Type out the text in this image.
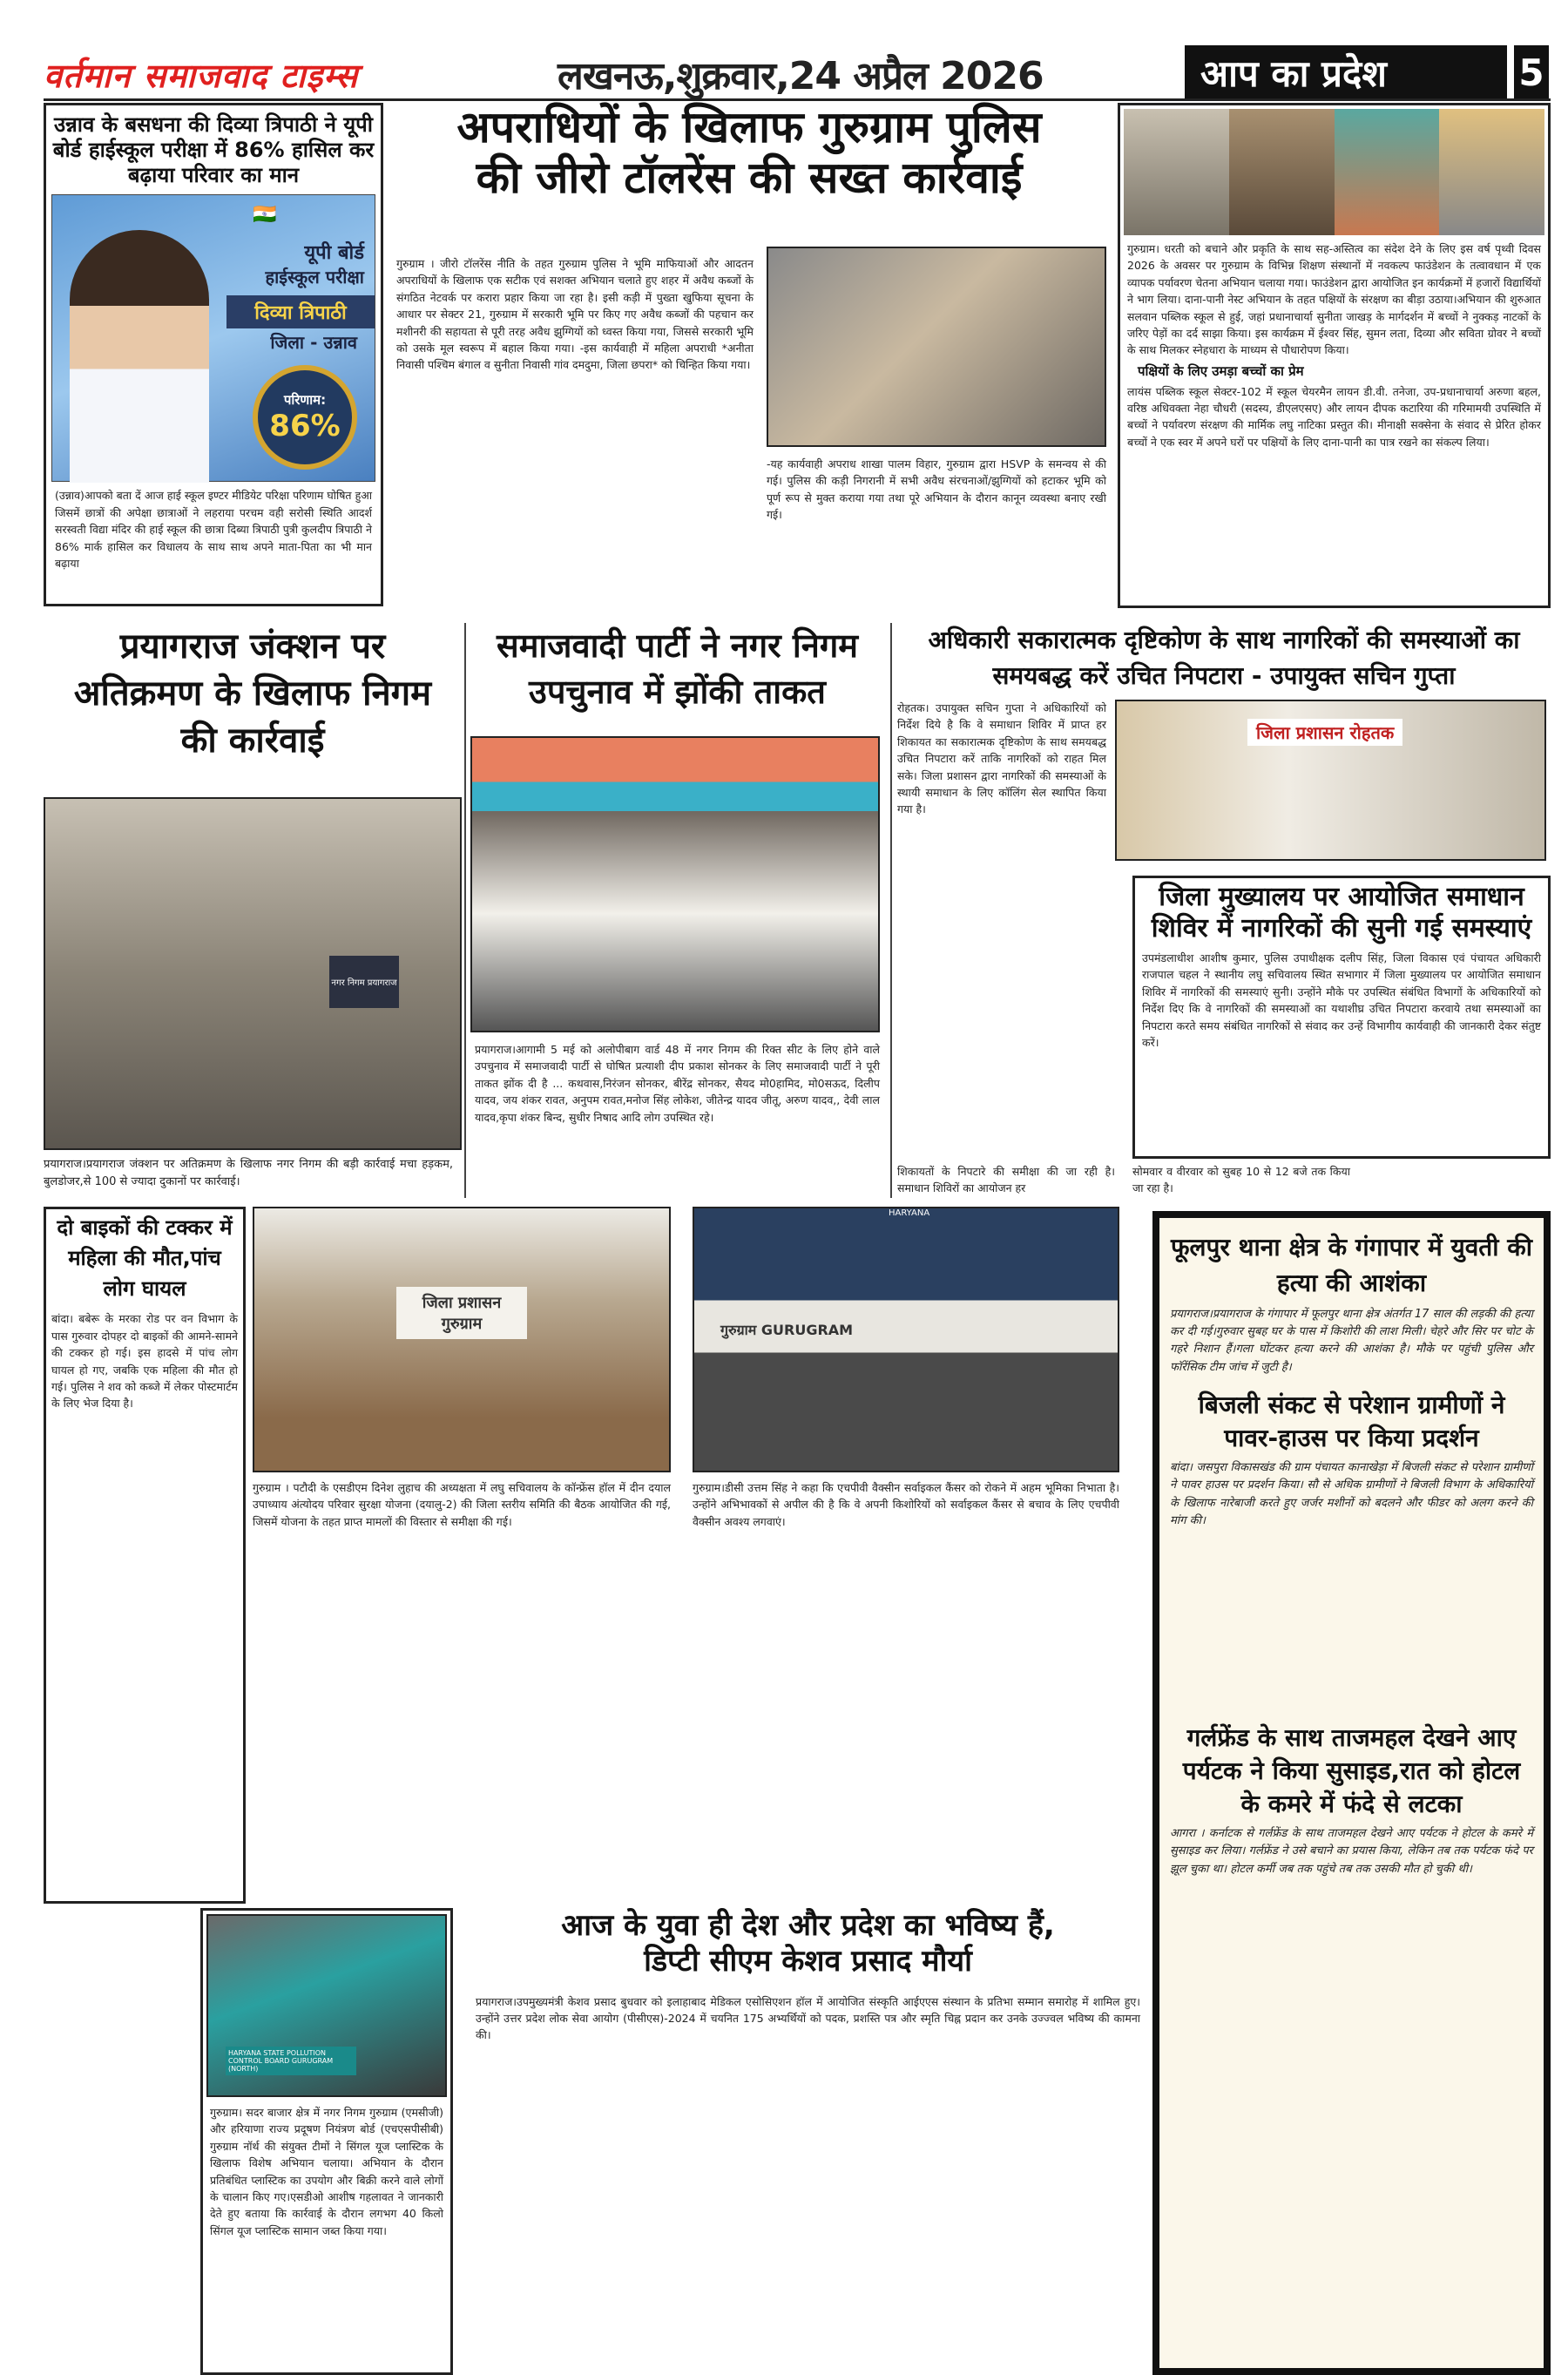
वर्तमान समाजवाद टाइम्स	लखनऊ,शुक्रवार,24 अप्रैल 2026	आप का प्रदेश	5
उन्नाव के बसधना की दिव्या त्रिपाठी ने यूपी बोर्ड हाईस्कूल परीक्षा में 86% हासिल कर बढ़ाया परिवार का मान
🇮🇳
यूपी बोर्ड
हाईस्कूल परीक्षा
दिव्या त्रिपाठी
जिला - उन्नाव
परिणाम:
86%
(उन्नाव)आपको बता दें आज हाई स्कूल इण्टर मीडियेट परिक्षा परिणाम घोषित हुआ जिसमें छात्रों की अपेक्षा छात्राओं ने लहराया परचम वही सरोसी स्थिति आदर्श सरस्वती विद्या मंदिर की हाई स्कूल की छात्रा दिब्या त्रिपाठी पुत्री कुलदीप त्रिपाठी ने 86% मार्क हासिल कर विधालय के साथ साथ अपने माता-पिता का भी मान बढ़ाया
अपराधियों के खिलाफ गुरुग्राम पुलिस
की जीरो टॉलरेंस की सख्त कार्रवाई
गुरुग्राम । जीरो टॉलरेंस नीति के तहत गुरुग्राम पुलिस ने भूमि माफियाओं और आदतन अपराधियों के खिलाफ एक सटीक एवं सशक्त अभियान चलाते हुए शहर में अवैध कब्जों के संगठित नेटवर्क पर करारा प्रहार किया जा रहा है। इसी कड़ी में पुख्ता खुफिया सूचना के आधार पर सेक्टर 21, गुरुग्राम में सरकारी भूमि पर किए गए अवैध कब्जों की पहचान कर मशीनरी की सहायता से पूरी तरह अवैध झुग्गियों को ध्वस्त किया गया, जिससे सरकारी भूमि को उसके मूल स्वरूप में बहाल किया गया। -इस कार्यवाही में महिला अपराधी *अनीता निवासी पश्चिम बंगाल व सुनीता निवासी गांव दमदुमा, जिला छपरा* को चिन्हित किया गया।
-यह कार्यवाही अपराध शाखा पालम विहार, गुरुग्राम द्वारा HSVP के समन्वय से की गई। पुलिस की कड़ी निगरानी में सभी अवैध संरचनाओं/झुग्गियों को हटाकर भूमि को पूर्ण रूप से मुक्त कराया गया तथा पूरे अभियान के दौरान कानून व्यवस्था बनाए रखी गई।
गुरुग्राम। धरती को बचाने और प्रकृति के साथ सह-अस्तित्व का संदेश देने के लिए इस वर्ष पृथ्वी दिवस 2026 के अवसर पर गुरुग्राम के विभिन्न शिक्षण संस्थानों में नवकल्प फाउंडेशन के तत्वावधान में एक व्यापक पर्यावरण चेतना अभियान चलाया गया। फाउंडेशन द्वारा आयोजित इन कार्यक्रमों में हजारों विद्यार्थियों ने भाग लिया। दाना-पानी नेस्ट अभियान के तहत पक्षियों के संरक्षण का बीड़ा उठाया।अभियान की शुरुआत सलवान पब्लिक स्कूल से हुई, जहां प्रधानाचार्या सुनीता जाखड़ के मार्गदर्शन में बच्चों ने नुक्कड़ नाटकों के जरिए पेड़ों का दर्द साझा किया। इस कार्यक्रम में ईश्वर सिंह, सुमन लता, दिव्या और सविता ग्रोवर ने बच्चों के साथ मिलकर स्नेहधारा के माध्यम से पौधारोपण किया।
पक्षियों के लिए उमड़ा बच्चों का प्रेम
लायंस पब्लिक स्कूल सेक्टर-102 में स्कूल चेयरमैन लायन डी.वी. तनेजा, उप-प्रधानाचार्या अरुणा बहल, वरिष्ठ अधिवक्ता नेहा चौधरी (सदस्य, डीएलएसए) और लायन दीपक कटारिया की गरिमामयी उपस्थिति में बच्चों ने पर्यावरण संरक्षण की मार्मिक लघु नाटिका प्रस्तुत की। मीनाक्षी सक्सेना के संवाद से प्रेरित होकर बच्चों ने एक स्वर में अपने घरों पर पक्षियों के लिए दाना-पानी का पात्र रखने का संकल्प लिया।
प्रयागराज जंक्शन पर अतिक्रमण के खिलाफ निगम की कार्रवाई
नगर निगम प्रयागराज
प्रयागराज।प्रयागराज जंक्शन पर अतिक्रमण के खिलाफ नगर निगम की बड़ी कार्रवाई मचा हड़कम, बुलडोजर,से 100 से ज्यादा दुकानों पर कार्रवाई।
समाजवादी पार्टी ने नगर निगम उपचुनाव में झोंकी ताकत
प्रयागराज।आगामी 5 मई को अलोपीबाग वार्ड 48 में नगर निगम की रिक्त सीट के लिए होने वाले उपचुनाव में समाजवादी पार्टी से घोषित प्रत्याशी दीप प्रकाश सोनकर के लिए समाजवादी पार्टी ने पूरी ताकत झोंक दी है ... कथवास,निरंजन सोनकर, बीरेंद्र सोनकर, सैयद मो0हामिद, मो0सऊद, दिलीप यादव, जय शंकर रावत, अनुपम रावत,मनोज सिंह लोकेश, जीतेन्द्र यादव जीतू, अरुण यादव,, देवी लाल यादव,कृपा शंकर बिन्द, सुधीर निषाद आदि लोग उपस्थित रहे।
अधिकारी सकारात्मक दृष्टिकोण के साथ नागरिकों की समस्याओं का समयबद्ध करें उचित निपटारा - उपायुक्त सचिन गुप्ता
रोहतक। उपायुक्त सचिन गुप्ता ने अधिकारियों को निर्देश दिये है कि वे समाधान शिविर में प्राप्त हर शिकायत का सकारात्मक दृष्टिकोण के साथ समयबद्ध उचित निपटारा करें ताकि नागरिकों को राहत मिल सके। जिला प्रशासन द्वारा नागरिकों की समस्याओं के स्थायी समाधान के लिए कॉलिंग सेल स्थापित किया गया है।
जिला प्रशासन रोहतक
जिला मुख्यालय पर आयोजित समाधान शिविर में नागरिकों की सुनी गई समस्याएं
उपमंडलाधीश आशीष कुमार, पुलिस उपाधीक्षक दलीप सिंह, जिला विकास एवं पंचायत अधिकारी राजपाल चहल ने स्थानीय लघु सचिवालय स्थित सभागार में जिला मुख्यालय पर आयोजित समाधान शिविर में नागरिकों की समस्याएं सुनी। उन्होंने मौके पर उपस्थित संबंधित विभागों के अधिकारियों को निर्देश दिए कि वे नागरिकों की समस्याओं का यथाशीघ्र उचित निपटारा करवाये तथा समस्याओं का निपटारा करते समय संबंधित नागरिकों से संवाद कर उन्हें विभागीय कार्यवाही की जानकारी देकर संतुष्ट करें।
शिकायतों के निपटारे की समीक्षा की जा रही है। समाधान शिविरों का आयोजन हर
सोमवार व वीरवार को सुबह 10 से 12 बजे तक किया जा रहा है।
दो बाइकों की टक्कर में महिला की मौत,पांच लोग घायल
बांदा। बबेरू के मरका रोड पर वन विभाग के पास गुरुवार दोपहर दो बाइकों की आमने-सामने की टक्कर हो गई। इस हादसे में पांच लोग घायल हो गए, जबकि एक महिला की मौत हो गई। पुलिस ने शव को कब्जे में लेकर पोस्टमार्टम के लिए भेज दिया है।
जिला प्रशासन गुरुग्राम
गुरुग्राम । पटौदी के एसडीएम दिनेश लुहाच की अध्यक्षता में लघु सचिवालय के कॉन्फ्रेंस हॉल में दीन दयाल उपाध्याय अंत्योदय परिवार सुरक्षा योजना (दयालु-2) की जिला स्तरीय समिति की बैठक आयोजित की गई, जिसमें योजना के तहत प्राप्त मामलों की विस्तार से समीक्षा की गई।
HARYANA
गुरुग्राम GURUGRAM
गुरुग्राम।डीसी उत्तम सिंह ने कहा कि एचपीवी वैक्सीन सर्वाइकल कैंसर को रोकने में अहम भूमिका निभाता है। उन्होंने अभिभावकों से अपील की है कि वे अपनी किशोरियों को सर्वाइकल कैंसर से बचाव के लिए एचपीवी वैक्सीन अवश्य लगवाएं।
फूलपुर थाना क्षेत्र के गंगापार में युवती की हत्या की आशंका
प्रयागराज।प्रयागराज के गंगापार में फूलपुर थाना क्षेत्र अंतर्गत 17 साल की लड़की की हत्या कर दी गई।गुरुवार सुबह घर के पास में किशोरी की लाश मिली। चेहरे और सिर पर चोट के गहरे निशान हैं।गला घोंटकर हत्या करने की आशंका है। मौके पर पहुंची पुलिस और फॉरेंसिक टीम जांच में जुटी है।
बिजली संकट से परेशान ग्रामीणों ने पावर-हाउस पर किया प्रदर्शन
बांदा। जसपुरा विकासखंड की ग्राम पंचायत कानाखेड़ा में बिजली संकट से परेशान ग्रामीणों ने पावर हाउस पर प्रदर्शन किया। सौ से अधिक ग्रामीणों ने बिजली विभाग के अधिकारियों के खिलाफ नारेबाजी करते हुए जर्जर मशीनों को बदलने और फीडर को अलग करने की मांग की।
गर्लफ्रेंड के साथ ताजमहल देखने आए पर्यटक ने किया सुसाइड,रात को होटल के कमरे में फंदे से लटका
आगरा । कर्नाटक से गर्लफ्रेंड के साथ ताजमहल देखने आए पर्यटक ने होटल के कमरे में सुसाइड कर लिया। गर्लफ्रेंड ने उसे बचाने का प्रयास किया, लेकिन तब तक पर्यटक फंदे पर झूल चुका था। होटल कर्मी जब तक पहुंचे तब तक उसकी मौत हो चुकी थी।
HARYANA STATE POLLUTION CONTROL BOARD GURUGRAM (NORTH)
गुरुग्राम। सदर बाजार क्षेत्र में नगर निगम गुरुग्राम (एमसीजी) और हरियाणा राज्य प्रदूषण नियंत्रण बोर्ड (एचएसपीसीबी) गुरुग्राम नॉर्थ की संयुक्त टीमों ने सिंगल यूज प्लास्टिक के खिलाफ विशेष अभियान चलाया। अभियान के दौरान प्रतिबंधित प्लास्टिक का उपयोग और बिक्री करने वाले लोगों के चालान किए गए।एसडीओ आशीष गहलावत ने जानकारी देते हुए बताया कि कार्रवाई के दौरान लगभग 40 किलो सिंगल यूज प्लास्टिक सामान जब्त किया गया।
आज के युवा ही देश और प्रदेश का भविष्य हैं,
डिप्टी सीएम केशव प्रसाद मौर्या
प्रयागराज।उपमुख्यमंत्री केशव प्रसाद बुधवार को इलाहाबाद मेडिकल एसोसिएशन हॉल में आयोजित संस्कृति आईएएस संस्थान के प्रतिभा सम्मान समारोह में शामिल हुए। उन्होंने उत्तर प्रदेश लोक सेवा आयोग (पीसीएस)-2024 में चयनित 175 अभ्यर्थियों को पदक, प्रशस्ति पत्र और स्मृति चिह्न प्रदान कर उनके उज्ज्वल भविष्य की कामना की।
